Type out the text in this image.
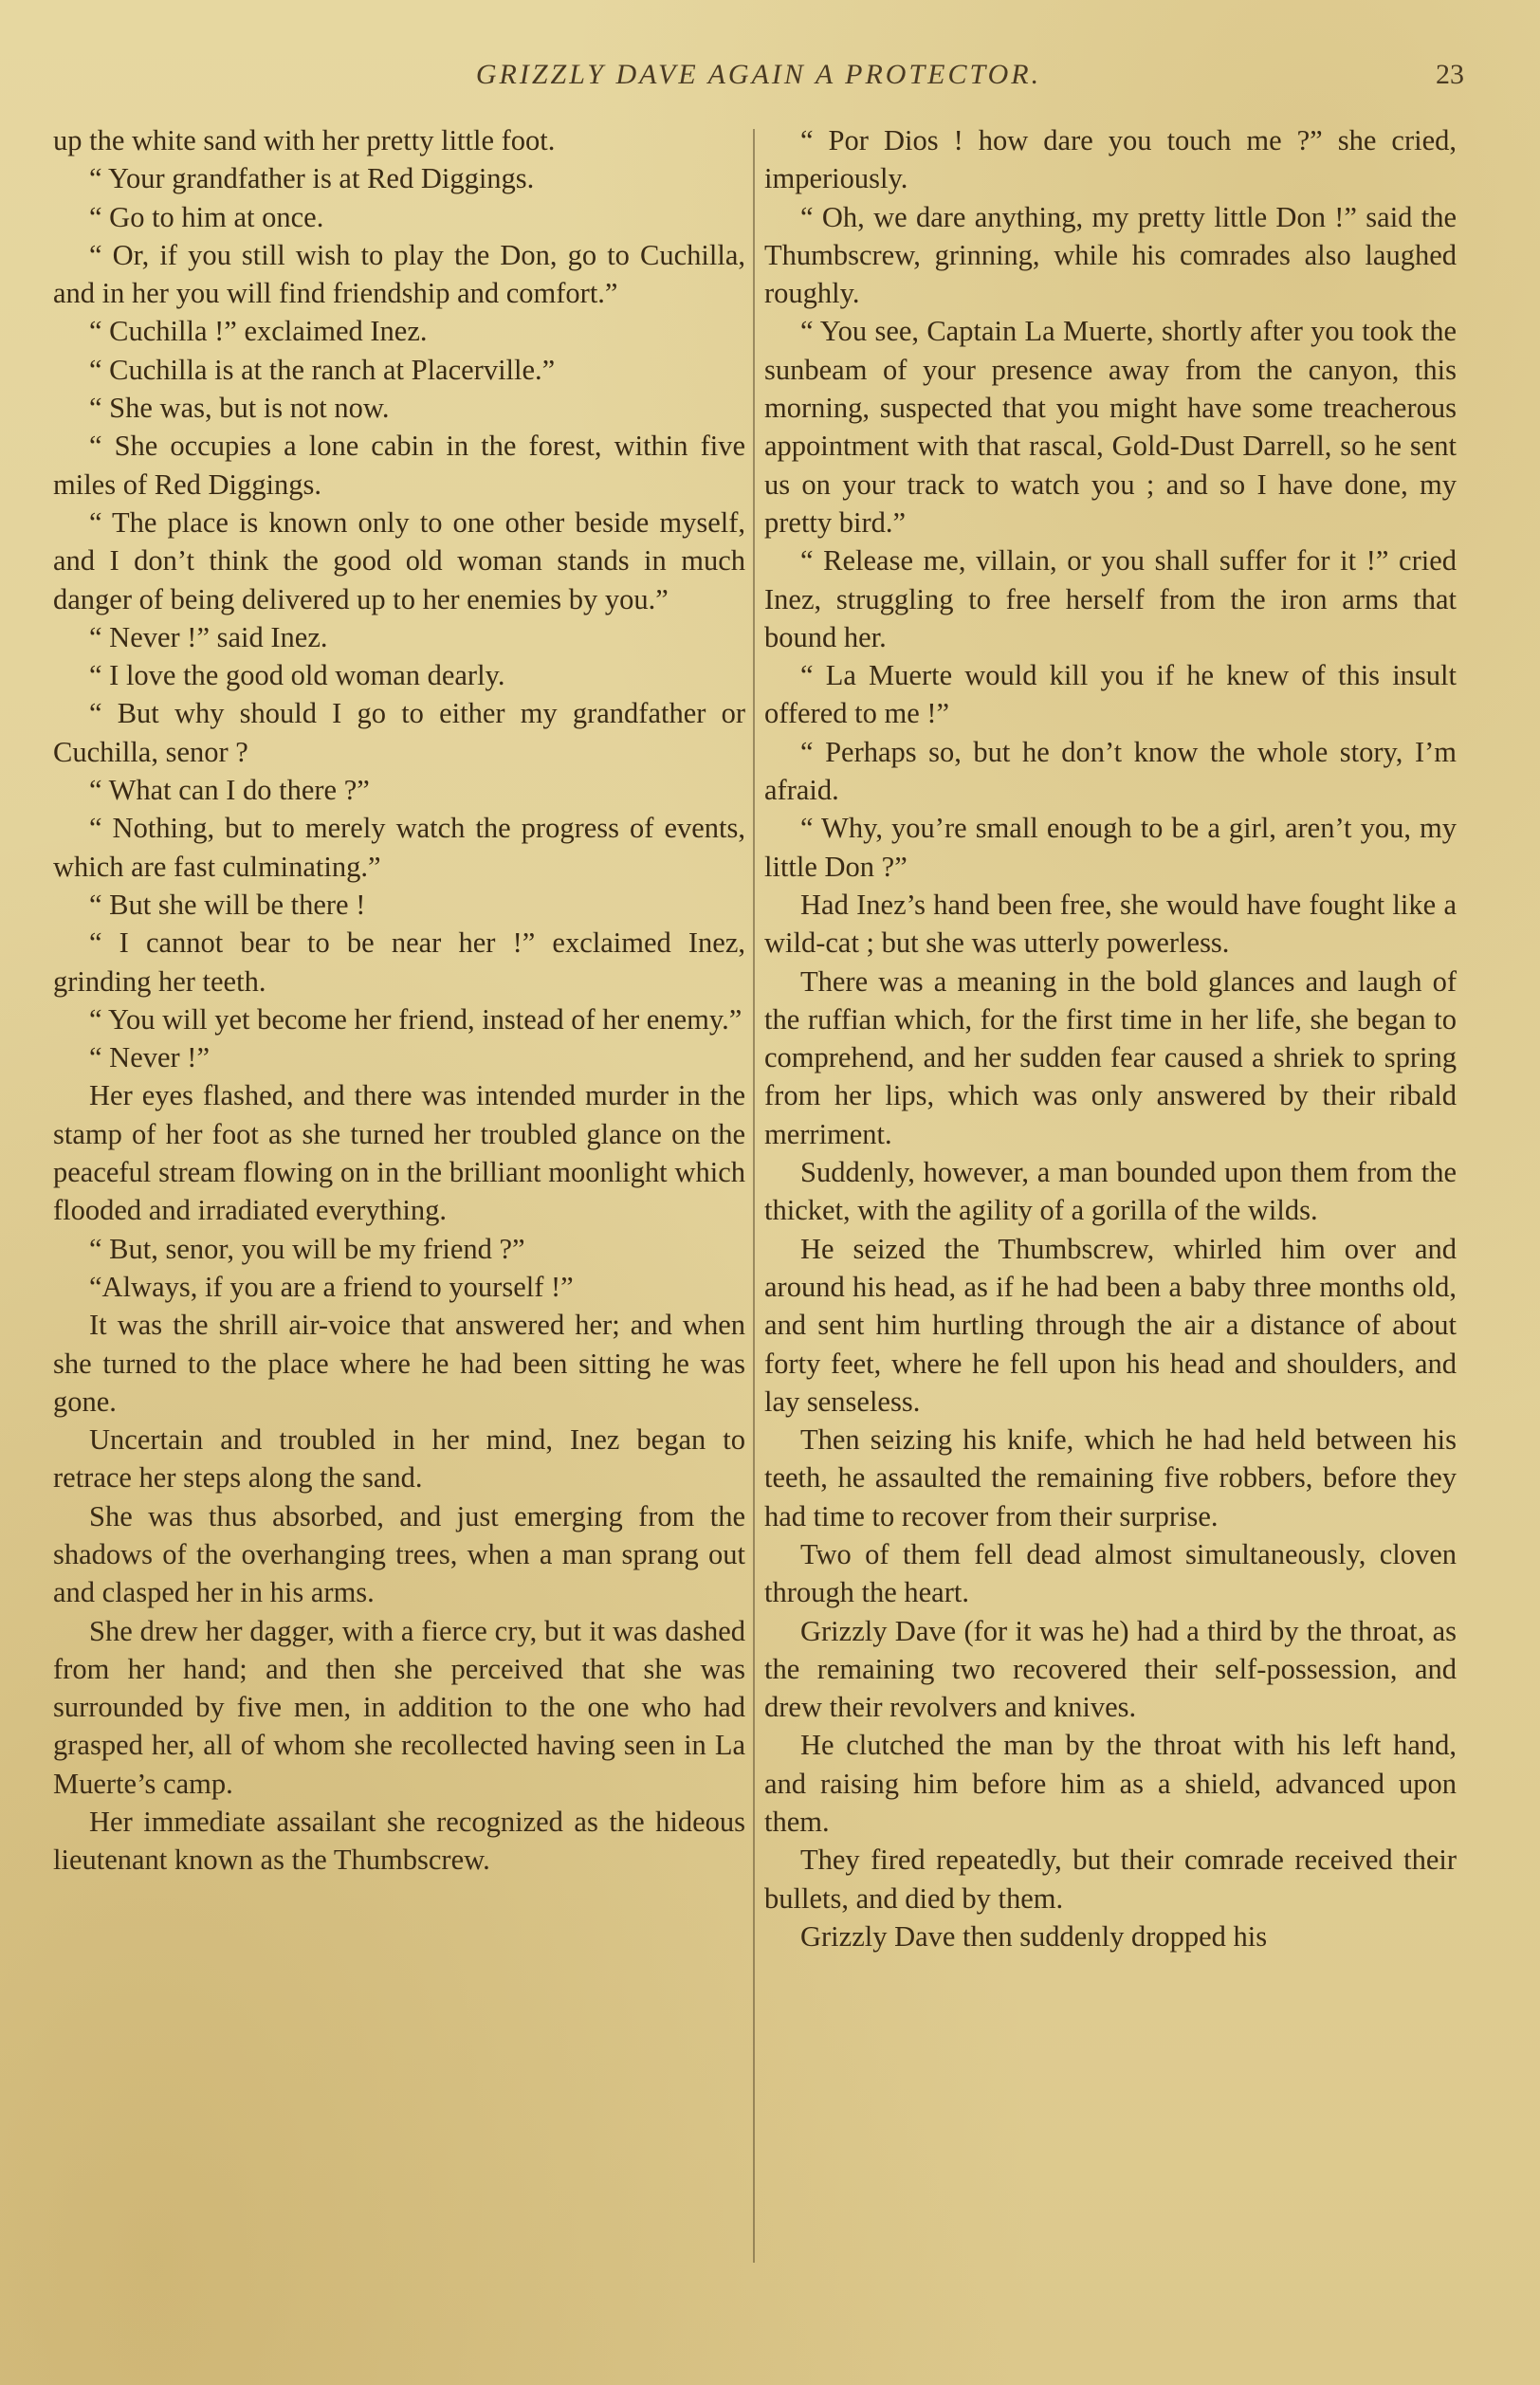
GRIZZLY DAVE AGAIN A PROTECTOR.	23

up the white sand with her pretty little foot.

“ Your grandfather is at Red Diggings.

“ Go to him at once.

“ Or, if you still wish to play the Don, go to Cuchilla, and in her you will find friendship and comfort.”

“ Cuchilla !” exclaimed Inez.

“ Cuchilla is at the ranch at Placerville.”

“ She was, but is not now.

“ She occupies a lone cabin in the forest, within five miles of Red Diggings.

“ The place is known only to one other beside myself, and I don’t think the good old woman stands in much danger of being delivered up to her enemies by you.”

“ Never !” said Inez.

“ I love the good old woman dearly.

“ But why should I go to either my grandfather or Cuchilla, senor ?

“ What can I do there ?”

“ Nothing, but to merely watch the progress of events, which are fast culminating.”

“ But she will be there !

“ I cannot bear to be near her !” exclaimed Inez, grinding her teeth.

“ You will yet become her friend, instead of her enemy.”

“ Never !”

Her eyes flashed, and there was intended murder in the stamp of her foot as she turned her troubled glance on the peaceful stream flowing on in the brilliant moonlight which flooded and irradiated everything.

“ But, senor, you will be my friend ?”

“Always, if you are a friend to yourself !”

It was the shrill air-voice that answered her; and when she turned to the place where he had been sitting he was gone.

Uncertain and troubled in her mind, Inez began to retrace her steps along the sand.

She was thus absorbed, and just emerging from the shadows of the overhanging trees, when a man sprang out and clasped her in his arms.

She drew her dagger, with a fierce cry, but it was dashed from her hand; and then she perceived that she was surrounded by five men, in addition to the one who had grasped her, all of whom she recollected having seen in La Muerte’s camp.

Her immediate assailant she recognized as the hideous lieutenant known as the Thumbscrew.

“ Por Dios ! how dare you touch me ?” she cried, imperiously.

“ Oh, we dare anything, my pretty little Don !” said the Thumbscrew, grinning, while his comrades also laughed roughly.

“ You see, Captain La Muerte, shortly after you took the sunbeam of your presence away from the canyon, this morning, suspected that you might have some treacherous appointment with that rascal, Gold-Dust Darrell, so he sent us on your track to watch you ; and so I have done, my pretty bird.”

“ Release me, villain, or you shall suffer for it !” cried Inez, struggling to free herself from the iron arms that bound her.

“ La Muerte would kill you if he knew of this insult offered to me !”

“ Perhaps so, but he don’t know the whole story, I’m afraid.

“ Why, you’re small enough to be a girl, aren’t you, my little Don ?”

Had Inez’s hand been free, she would have fought like a wild-cat ; but she was utterly powerless.

There was a meaning in the bold glances and laugh of the ruffian which, for the first time in her life, she began to comprehend, and her sudden fear caused a shriek to spring from her lips, which was only answered by their ribald merriment.

Suddenly, however, a man bounded upon them from the thicket, with the agility of a gorilla of the wilds.

He seized the Thumbscrew, whirled him over and around his head, as if he had been a baby three months old, and sent him hurtling through the air a distance of about forty feet, where he fell upon his head and shoulders, and lay senseless.

Then seizing his knife, which he had held between his teeth, he assaulted the remaining five robbers, before they had time to recover from their surprise.

Two of them fell dead almost simultaneously, cloven through the heart.

Grizzly Dave (for it was he) had a third by the throat, as the remaining two recovered their self-possession, and drew their revolvers and knives.

He clutched the man by the throat with his left hand, and raising him before him as a shield, advanced upon them.

They fired repeatedly, but their comrade received their bullets, and died by them.

Grizzly Dave then suddenly dropped his
